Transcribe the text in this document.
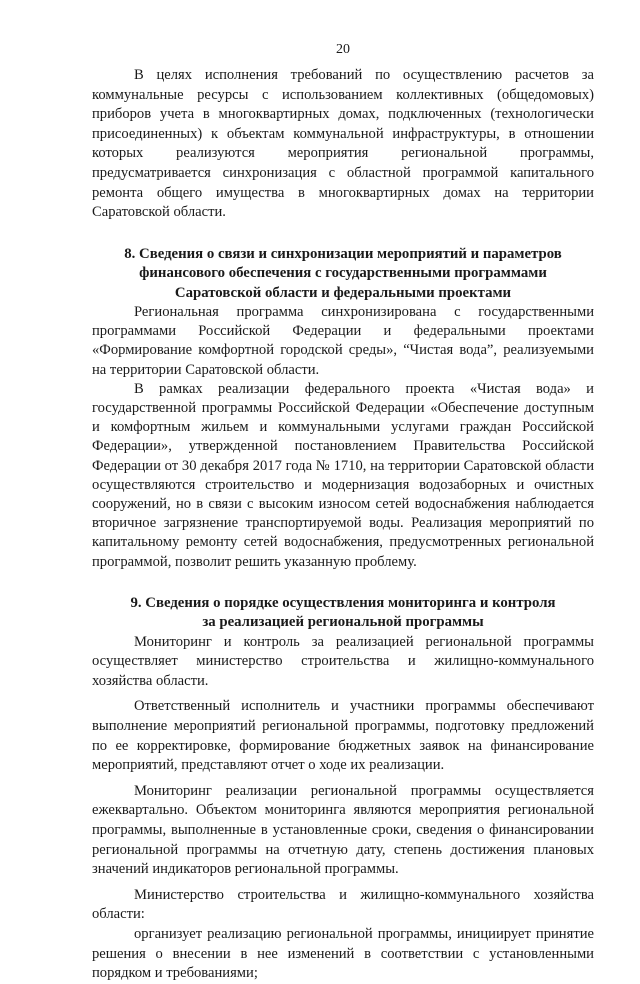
20

В целях исполнения требований по осуществлению расчетов за коммунальные ресурсы с использованием коллективных (общедомовых) приборов учета в многоквартирных домах, подключенных (технологически присоединенных) к объектам коммунальной инфраструктуры, в отношении которых реализуются мероприятия региональной программы, предусматривается синхронизация с областной программой капитального ремонта общего имущества в многоквартирных домах на территории Саратовской области.

8. Сведения о связи и синхронизации мероприятий и параметров
финансового обеспечения с государственными программами
Саратовской области и федеральными проектами

Региональная программа синхронизирована с государственными программами Российской Федерации и федеральными проектами «Формирование комфортной городской среды», “Чистая вода”, реализуемыми на территории Саратовской области.

В рамках реализации федерального проекта «Чистая вода» и государственной программы Российской Федерации «Обеспечение доступным и комфортным жильем и коммунальными услугами граждан Российской Федерации», утвержденной постановлением Правительства Российской Федерации от 30 декабря 2017 года № 1710, на территории Саратовской области осуществляются строительство и модернизация водозаборных и очистных сооружений, но в связи с высоким износом сетей водоснабжения наблюдается вторичное загрязнение транспортируемой воды. Реализация мероприятий по капитальному ремонту сетей водоснабжения, предусмотренных региональной программой, позволит решить указанную проблему.

9. Сведения о порядке осуществления мониторинга и контроля
за реализацией региональной программы

Мониторинг и контроль за реализацией региональной программы осуществляет министерство строительства и жилищно-коммунального хозяйства области.

Ответственный исполнитель и участники программы обеспечивают выполнение мероприятий региональной программы, подготовку предложений по ее корректировке, формирование бюджетных заявок на финансирование мероприятий, представляют отчет о ходе их реализации.

Мониторинг реализации региональной программы осуществляется ежеквартально. Объектом мониторинга являются мероприятия региональной программы, выполненные в установленные сроки, сведения о финансировании региональной программы на отчетную дату, степень достижения плановых значений индикаторов региональной программы.

Министерство строительства и жилищно-коммунального хозяйства области:

организует реализацию региональной программы, инициирует принятие решения о внесении в нее изменений в соответствии с установленными порядком и требованиями;
